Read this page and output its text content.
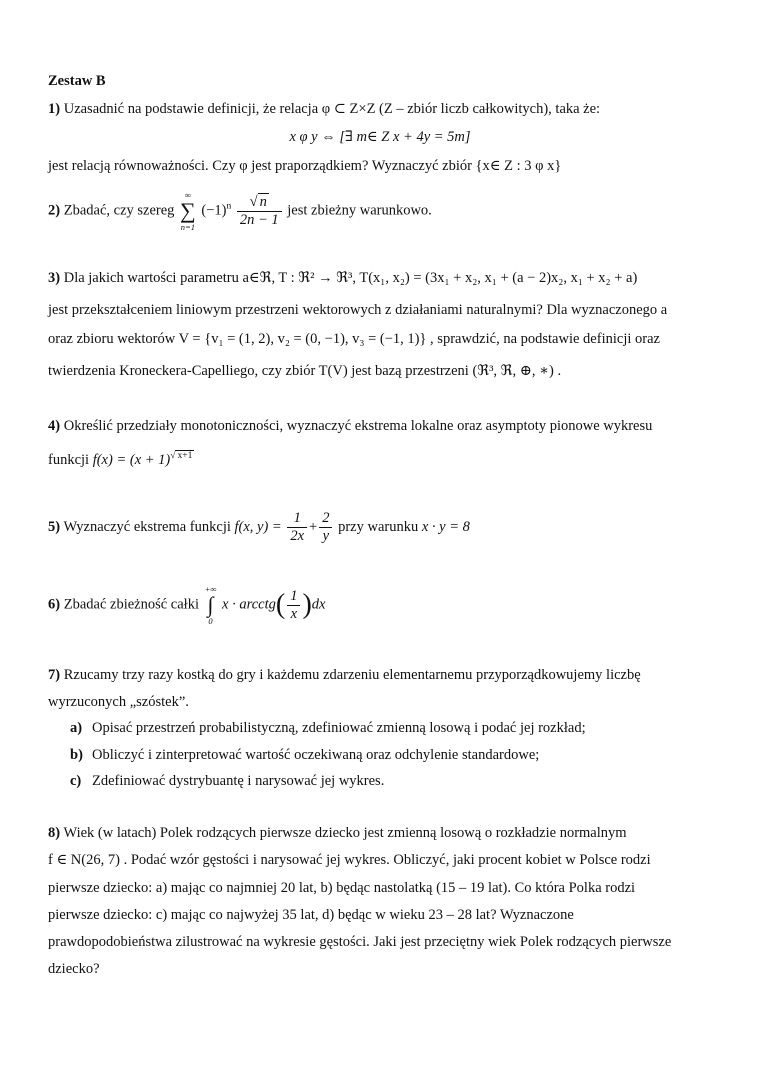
Zestaw B
1) Uzasadnić na podstawie definicji, że relacja φ ⊂ Z×Z (Z – zbiór liczb całkowitych), taka że:
x φ y ⇔ [∃ m∈ Z x + 4y = 5m]
jest relacją równoważności. Czy φ jest praporządkiem? Wyznaczyć zbiór {x∈ Z : 3 φ x}
2) Zbadać, czy szereg
∞
∑
n=1
$(-1)^n \frac{√ n}{2n - 1}$ jest zbieżny warunkowo.
3) Dla jakich wartości parametru a∈ℜ, T : ℜ² → ℜ³, T(x₁, x₂) = (3x₁ + x₂, x₁ + (a − 2)x₂, x₁ + x₂ + a)
jest przekształceniem liniowym przestrzeni wektorowych z działaniami naturalnymi? Dla wyznaczonego a
oraz zbioru wektorów V = {v₁ = (1, 2), v₂ = (0, −1), v₃ = (−1, 1)} , sprawdzić, na podstawie definicji oraz
twierdzenia Kroneckera-Capelliego, czy zbiór T(V) jest bazą przestrzeni (ℜ³, ℜ, ⊕, ∗) .
4) Określić przedziały monotoniczności, wyznaczyć ekstrema lokalne oraz asymptoty pionowe wykresu
funkcji $f(x) = (x + 1)^{√ x+1}$
5) Wyznaczyć ekstrema funkcji f(x, $y) = \frac{1}{2x} + \frac{2}{y}$ przy warunku x · y = 8
6) Zbadać zbieżność całki
+∞
∫
0
x · arcctg( $\frac{1}{x} )dx$
7) Rzucamy trzy razy kostką do gry i każdemu zdarzeniu elementarnemu przyporządkowujemy liczbę
wyrzuconych „szóstek”.
a) Opisać przestrzeń probabilistyczną, zdefiniować zmienną losową i podać jej rozkład;
b) Obliczyć i zinterpretować wartość oczekiwaną oraz odchylenie standardowe;
c) Zdefiniować dystrybuantę i narysować jej wykres.
8) Wiek (w latach) Polek rodzących pierwsze dziecko jest zmienną losową o rozkładzie normalnym
f ∈ N(26, 7) . Podać wzór gęstości i narysować jej wykres. Obliczyć, jaki procent kobiet w Polsce rodzi
pierwsze dziecko: a) mając co najmniej 20 lat, b) będąc nastolatką (15 – 19 lat). Co która Polka rodzi
pierwsze dziecko: c) mając co najwyżej 35 lat, d) będąc w wieku 23 – 28 lat? Wyznaczone
prawdopodobieństwa zilustrować na wykresie gęstości. Jaki jest przeciętny wiek Polek rodzących pierwsze
dziecko?
